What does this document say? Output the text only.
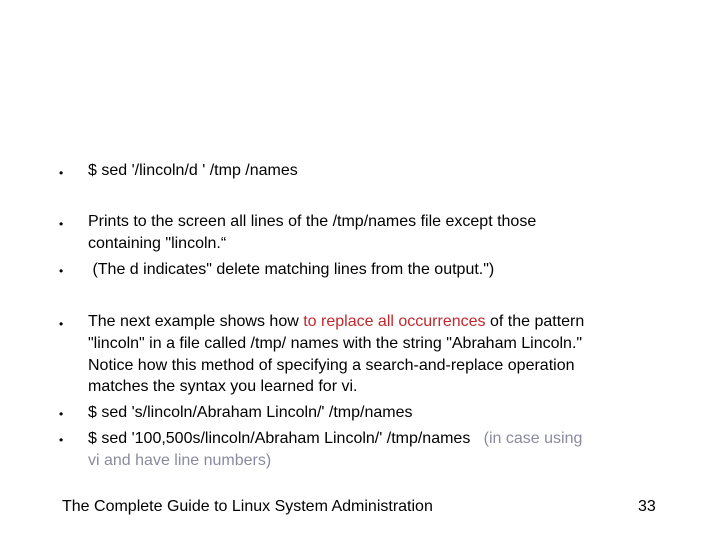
• $ sed '/lincoln/d ' /tmp /names
• Prints to the screen all lines of the /tmp/names file except those
containing "lincoln.“
• (The d indicates" delete matching lines from the output.")
• The next example shows how to replace all occurrences of the pattern
"lincoln" in a file called /tmp/ names with the string "Abraham Lincoln."
Notice how this method of specifying a search-and-replace operation
matches the syntax you learned for vi.
• $ sed 's/lincoln/Abraham Lincoln/' /tmp/names
• $ sed '100,500s/lincoln/Abraham Lincoln/' /tmp/names   (in case using
vi and have line numbers)
The Complete Guide to Linux System Administration	33
